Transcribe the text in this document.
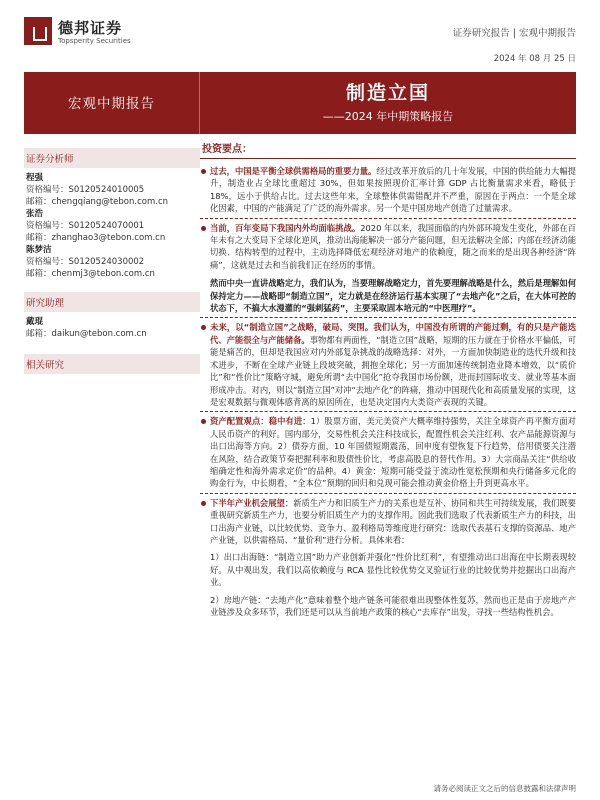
德邦证券
Topsperity Securities
证券研究报告 | 宏观中期报告
2024 年 08 月 25 日
宏观中期报告	制造立国
——2024 年中期策略报告
证券分析师
程强
资格编号：S0120524010005
邮箱：chengqiang@tebon.com.cn
张浩
资格编号：S0120524070001
邮箱：zhanghao3@tebon.com.cn
陈梦洁
资格编号：S0120524030002
邮箱：chenmj3@tebon.com.cn
研究助理
戴琨
邮箱：daikun@tebon.com.cn
相关研究
投资要点：
过去，中国是平衡全球供需格局的重要力量。经过改革开放后的几十年发展，中国的供给能力大幅提升，制造业占全球比重超过 30%，但如果按照现价汇率计算 GDP 占比衡量需求来看，略低于 18%，远小于供给占比。过去这些年来，全球整体供需错配并不严重，原因在于两点：一个是全球化因素，中国的产能满足了广泛的海外需求。另一个是中国房地产创造了过量需求。
当前，百年变局下我国内外均面临挑战。2020 年以来，我国面临的内外部环境发生变化，外部在百年未有之大变局下全球化逆风，推动出海能解决一部分产能问题，但无法解决全部；内部在经济动能切换、结构转型的过程中，主动选择降低宏观经济对地产的依赖度，随之而来的是出现各种经济“阵痛”，这就是过去和当前我们正在经历的事情。
然而中央一直讲战略定力，我们认为，当要理解战略定力，首先要理解战略是什么，然后是理解如何保持定力——战略即“制造立国”，定力就是在经济运行基本实现了“去地产化”之后，在大体可控的状态下，不搞大水漫灌的“强刺猛药”，主要采取固本培元的“中医理疗”。
未来，以“制造立国”之战略，破局、突围。我们认为，中国没有所谓的产能过剩，有的只是产能迭代、产能很全与产能储备。事物都有两面性，“制造立国”战略，短期的压力就在于价格水平偏低，可能是痛苦的，但却是我国应对内外部复杂挑战的战略选择：对外，一方面加快制造业的迭代升级和技术进步，不断在全球产业链上段坡突破，拥抱全球化；另一方面加速传统制造业降本增效，以“质价比”和“性价比”策略守城，避免所谓“去中国化”抢夺我国市场份额，进而封国际收支、就业等基本面形成冲击。对内，则以“制造立国”对冲“去地产化”的阵痛，推动中国现代化和高质量发展的实现，这是宏观数据与微观体感背离的原因所在，也是决定国内大类资产表现的关键。
资产配置观点：稳中有进：1）股票方面，美元美资产大概率维持强势，关注全球资产再平衡方面对人民币资产的利好。国内部分，交易性机会关注科技成长，配置性机会关注红利、农产品能源资源与出口出海等方向。2）债券方面，10 年国债短期震荡，回申度有望恢复下行趋势，信用债要关注潜在风险，结合政策节奏把握利率和股债性价比，考虑高股息的替代作用。3）大宗商品关注“供给收缩确定性和海外需求定价”的品种。4）黄金：短期可能受益于流动性宽松预期和央行储备多元化的购金行为，中长期看，“全本位”预期的回归和兑现可能会推动黄金价格上升到更高水平。
下半年产业机会展望：新质生产力和旧质生产力的关系也是互补、协同和共生可持续发展，我们既要重视研究新质生产力，也要分析旧质生产力的支撑作用。因此我们选取了代表新质生产力的科技，出口出海产业链，以比较优势、竞争力、盈利格局等维度进行研究：选取代表基石支撑的资源品、地产产业链，以供需格局、“量价利”进行分析。具体来看：
1）出口出海链：“制造立国”助力产业创新并强化“性价比红利”，有望推动出口出海在中长期表现较好。从中观出发，我们以高依赖度与 RCA 显性比较优势交叉验证行业的比较优势并挖掘出口出海产业。
2）房地产链：“去地产化”意味着整个地产链条可能很难出现整体性复苏，然而也正是由于房地产产业链涉及众多环节，我们还是可以从当前地产政策的核心“去库存”出发，寻找一些结构性机会。
请务必阅读正文之后的信息披露和法律声明
